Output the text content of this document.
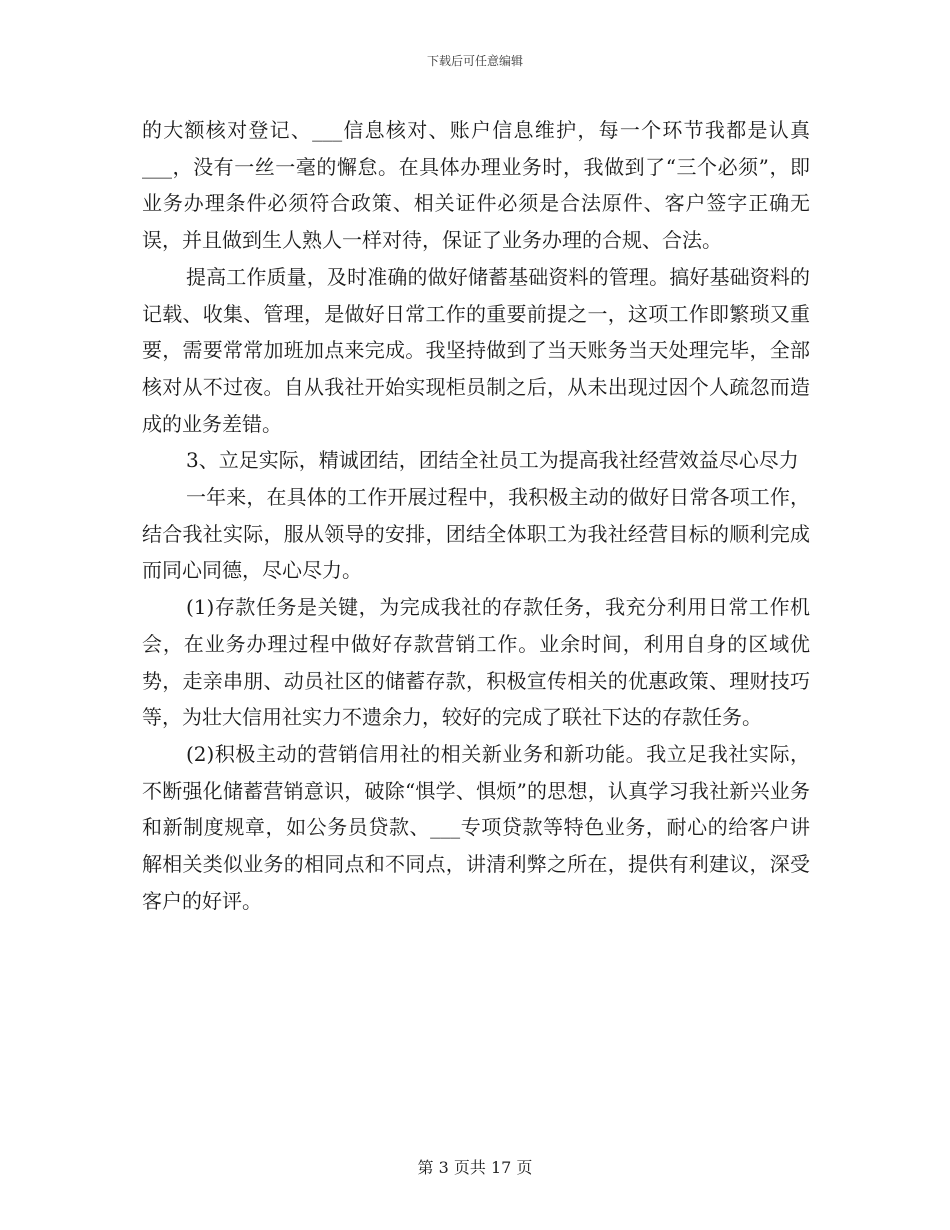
下载后可任意编辑

的大额核对登记、___信息核对、账户信息维护，每一个环节我都是认真___，没有一丝一毫的懈怠。在具体办理业务时，我做到了“三个必须”，即业务办理条件必须符合政策、相关证件必须是合法原件、客户签字正确无误，并且做到生人熟人一样对待，保证了业务办理的合规、合法。

提高工作质量，及时准确的做好储蓄基础资料的管理。搞好基础资料的记载、收集、管理，是做好日常工作的重要前提之一，这项工作即繁琐又重要，需要常常加班加点来完成。我坚持做到了当天账务当天处理完毕，全部核对从不过夜。自从我社开始实现柜员制之后，从未出现过因个人疏忽而造成的业务差错。

3、立足实际，精诚团结，团结全社员工为提高我社经营效益尽心尽力

一年来，在具体的工作开展过程中，我积极主动的做好日常各项工作，结合我社实际，服从领导的安排，团结全体职工为我社经营目标的顺利完成而同心同德，尽心尽力。

(1)存款任务是关键，为完成我社的存款任务，我充分利用日常工作机会，在业务办理过程中做好存款营销工作。业余时间，利用自身的区域优势，走亲串朋、动员社区的储蓄存款，积极宣传相关的优惠政策、理财技巧等，为壮大信用社实力不遗余力，较好的完成了联社下达的存款任务。

(2)积极主动的营销信用社的相关新业务和新功能。我立足我社实际，不断强化储蓄营销意识，破除“惧学、惧烦”的思想，认真学习我社新兴业务和新制度规章，如公务员贷款、___专项贷款等特色业务，耐心的给客户讲解相关类似业务的相同点和不同点，讲清利弊之所在，提供有利建议，深受客户的好评。

第 3 页共 17 页
